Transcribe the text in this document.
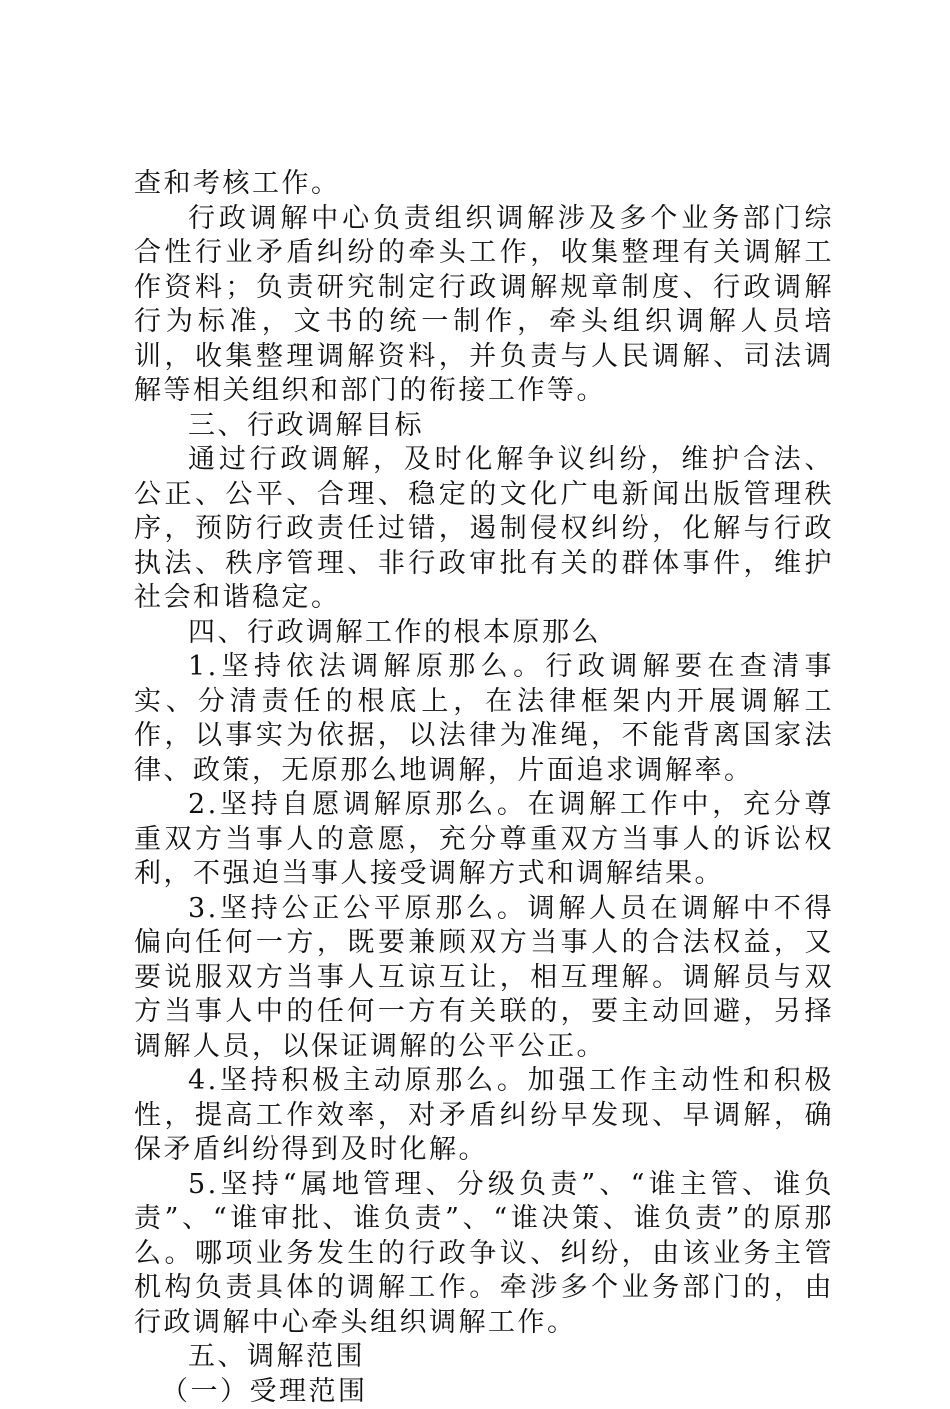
查和考核工作。

行政调解中心负责组织调解涉及多个业务部门综合性行业矛盾纠纷的牵头工作，收集整理有关调解工作资料；负责研究制定行政调解规章制度、行政调解行为标准，文书的统一制作，牵头组织调解人员培训，收集整理调解资料，并负责与人民调解、司法调解等相关组织和部门的衔接工作等。

三、行政调解目标

通过行政调解，及时化解争议纠纷，维护合法、公正、公平、合理、稳定的文化广电新闻出版管理秩序，预防行政责任过错，遏制侵权纠纷，化解与行政执法、秩序管理、非行政审批有关的群体事件，维护社会和谐稳定。

四、行政调解工作的根本原那么

1.坚持依法调解原那么。行政调解要在查清事实、分清责任的根底上，在法律框架内开展调解工作，以事实为依据，以法律为准绳，不能背离国家法律、政策，无原那么地调解，片面追求调解率。

2.坚持自愿调解原那么。在调解工作中，充分尊重双方当事人的意愿，充分尊重双方当事人的诉讼权利，不强迫当事人接受调解方式和调解结果。

3.坚持公正公平原那么。调解人员在调解中不得偏向任何一方，既要兼顾双方当事人的合法权益，又要说服双方当事人互谅互让，相互理解。调解员与双方当事人中的任何一方有关联的，要主动回避，另择调解人员，以保证调解的公平公正。

4.坚持积极主动原那么。加强工作主动性和积极性，提高工作效率，对矛盾纠纷早发现、早调解，确保矛盾纠纷得到及时化解。

5.坚持“属地管理、分级负责”、“谁主管、谁负责”、“谁审批、谁负责”、“谁决策、谁负责”的原那么。哪项业务发生的行政争议、纠纷，由该业务主管机构负责具体的调解工作。牵涉多个业务部门的，由行政调解中心牵头组织调解工作。

五、调解范围

（一）受理范围
